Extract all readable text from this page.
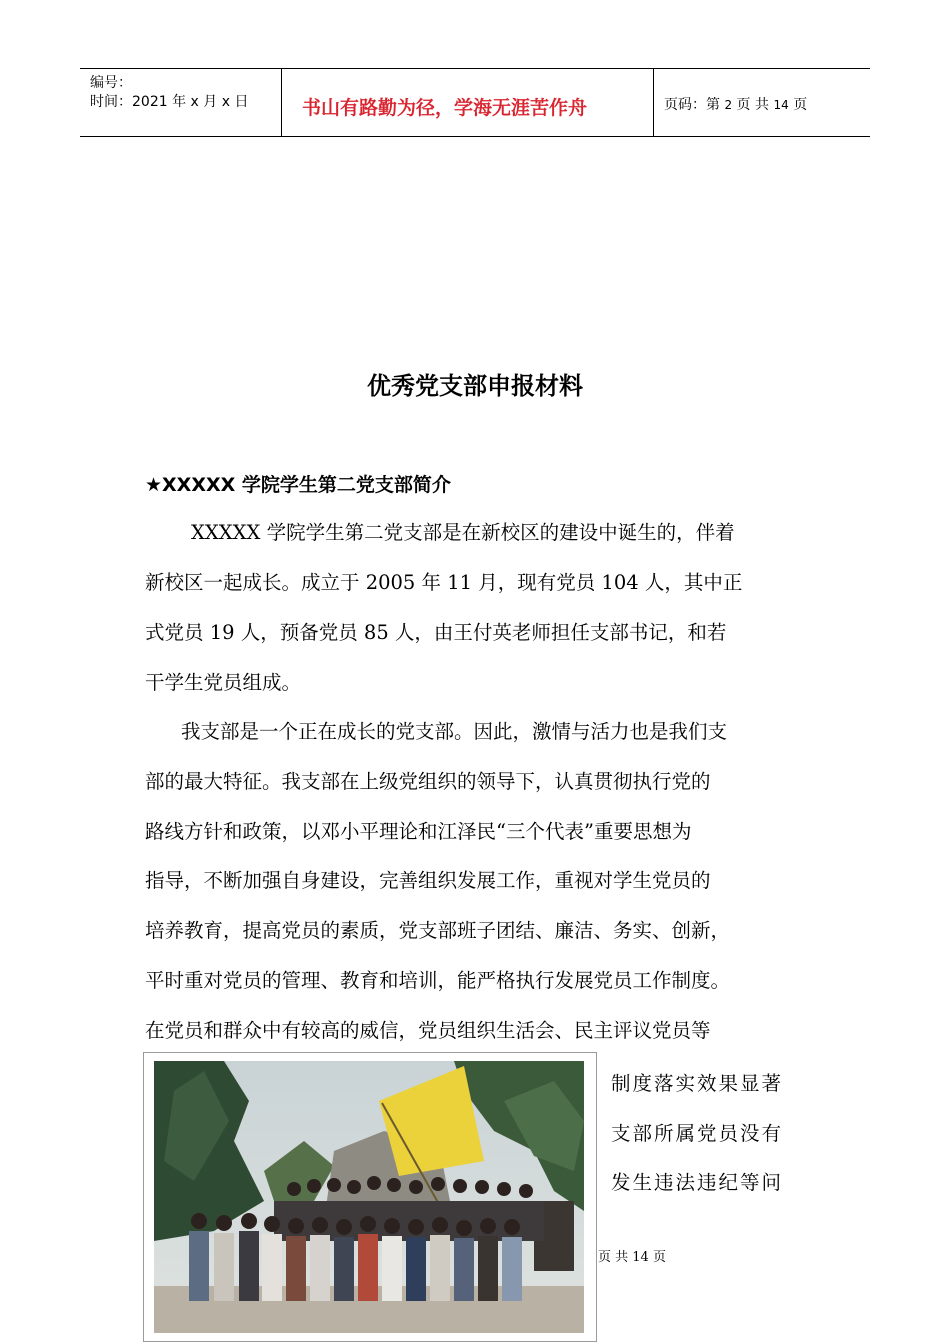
编号：
时间：2021 年 x 月 x 日	书山有路勤为径，学海无涯苦作舟	页码：第 2 页 共 14 页
优秀党支部申报材料
★XXXXX 学院学生第二党支部简介
XXXXX 学院学生第二党支部是在新校区的建设中诞生的，伴着
新校区一起成长。成立于 2005 年 11 月，现有党员 104 人，其中正
式党员 19 人，预备党员 85 人，由王付英老师担任支部书记，和若
干学生党员组成。
我支部是一个正在成长的党支部。因此，激情与活力也是我们支
部的最大特征。我支部在上级党组织的领导下，认真贯彻执行党的
路线方针和政策，以邓小平理论和江泽民“三个代表”重要思想为
指导，不断加强自身建设，完善组织发展工作，重视对学生党员的
培养教育，提高党员的素质，党支部班子团结、廉洁、务实、创新，
平时重对党员的管理、教育和培训，能严格执行发展党员工作制度。
在党员和群众中有较高的威信，党员组织生活会、民主评议党员等
制度落实效果显著
支部所属党员没有
发生违法违纪等问
页 共 14 页
